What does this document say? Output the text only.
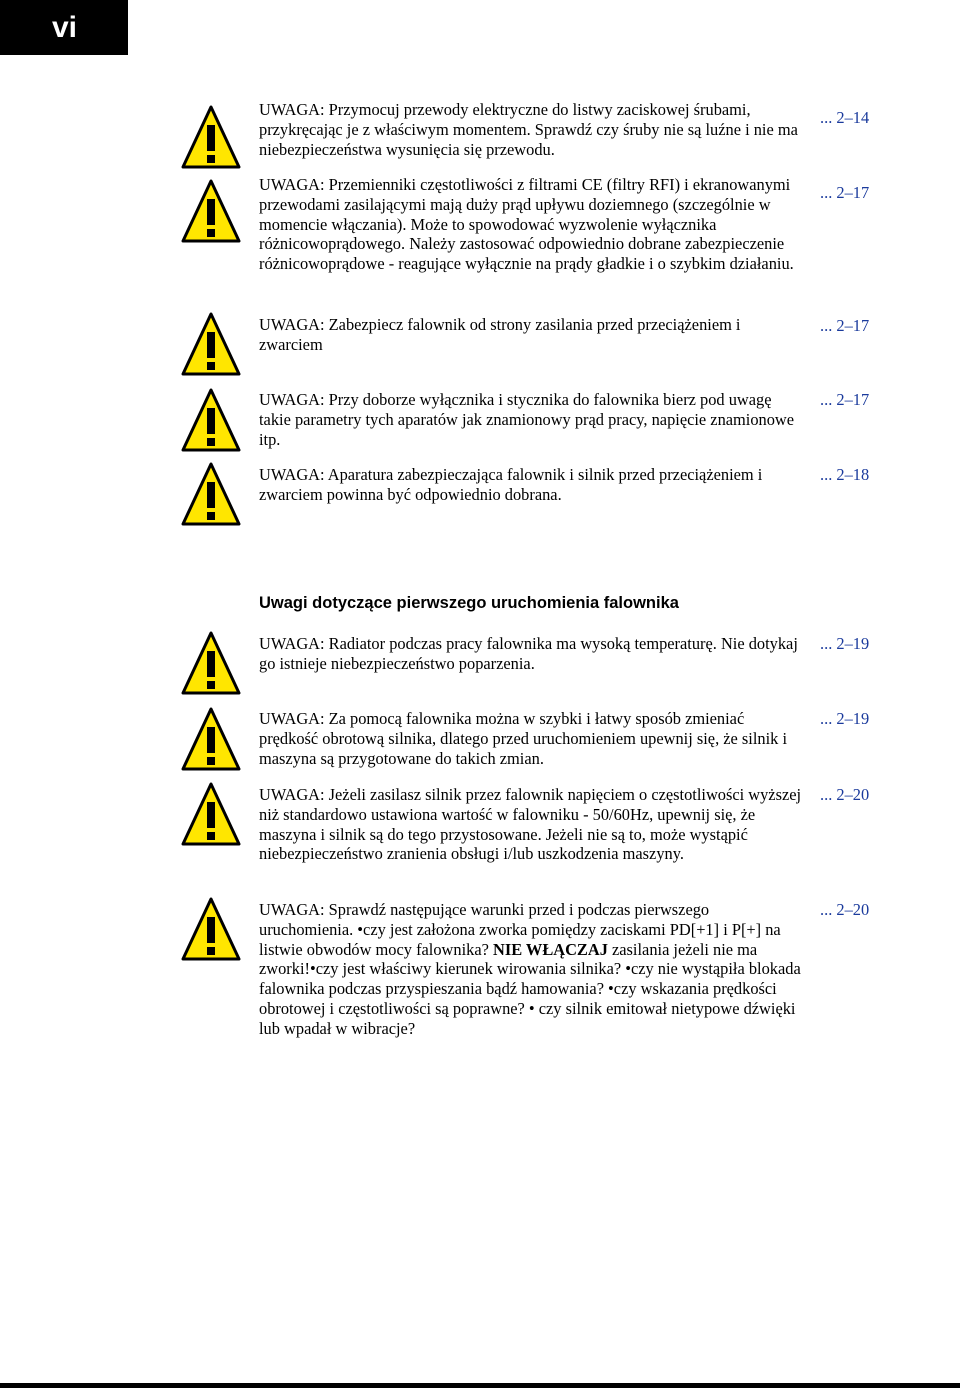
vi
UWAGA: Przymocuj przewody elektryczne do listwy zaciskowej śrubami, przykręcając je z właściwym momentem. Sprawdź czy śruby nie są luźne i nie ma niebezpieczeństwa wysunięcia się przewodu.
... 2–14
UWAGA: Przemienniki częstotliwości z filtrami CE (filtry RFI) i ekranowanymi przewodami zasilającymi mają duży prąd upływu doziemnego (szczególnie w momencie włączania). Może to spowodować wyzwolenie wyłącznika różnicowoprądowego. Należy zastosować odpowiednio dobrane zabezpieczenie różnicowoprądowe - reagujące wyłącznie na prądy gładkie i o szybkim działaniu.
... 2–17
UWAGA: Zabezpiecz falownik od strony zasilania przed przeciążeniem i zwarciem
... 2–17
UWAGA: Przy doborze wyłącznika i stycznika do falownika bierz pod uwagę takie parametry tych aparatów jak znamionowy prąd pracy, napięcie znamionowe itp.
... 2–17
UWAGA: Aparatura zabezpieczająca falownik i silnik przed przeciążeniem i zwarciem powinna być odpowiednio dobrana.
... 2–18
Uwagi dotyczące pierwszego uruchomienia falownika
UWAGA: Radiator podczas pracy falownika ma wysoką temperaturę. Nie dotykaj go istnieje niebezpieczeństwo poparzenia.
... 2–19
UWAGA: Za pomocą falownika można w szybki i łatwy sposób zmieniać prędkość obrotową silnika, dlatego przed uruchomieniem upewnij się, że silnik i maszyna są przygotowane do takich zmian.
... 2–19
UWAGA: Jeżeli zasilasz silnik przez falownik napięciem o częstotliwości wyższej niż standardowo ustawiona wartość w falowniku - 50/60Hz, upewnij się, że maszyna i silnik są do tego przystosowane. Jeżeli nie są to, może wystąpić niebezpieczeństwo zranienia obsługi i/lub uszkodzenia maszyny.
... 2–20
UWAGA: Sprawdź następujące warunki przed i podczas pierwszego uruchomienia. •czy jest założona zworka pomiędzy zaciskami PD[+1] i P[+] na listwie obwodów mocy falownika? NIE WŁĄCZAJ zasilania jeżeli nie ma zworki!•czy jest właściwy kierunek wirowania silnika? •czy nie wystąpiła blokada falownika podczas przyspieszania bądź hamowania? •czy wskazania prędkości obrotowej i częstotliwości są poprawne? • czy silnik emitował nietypowe dźwięki lub wpadał w wibracje?
... 2–20
